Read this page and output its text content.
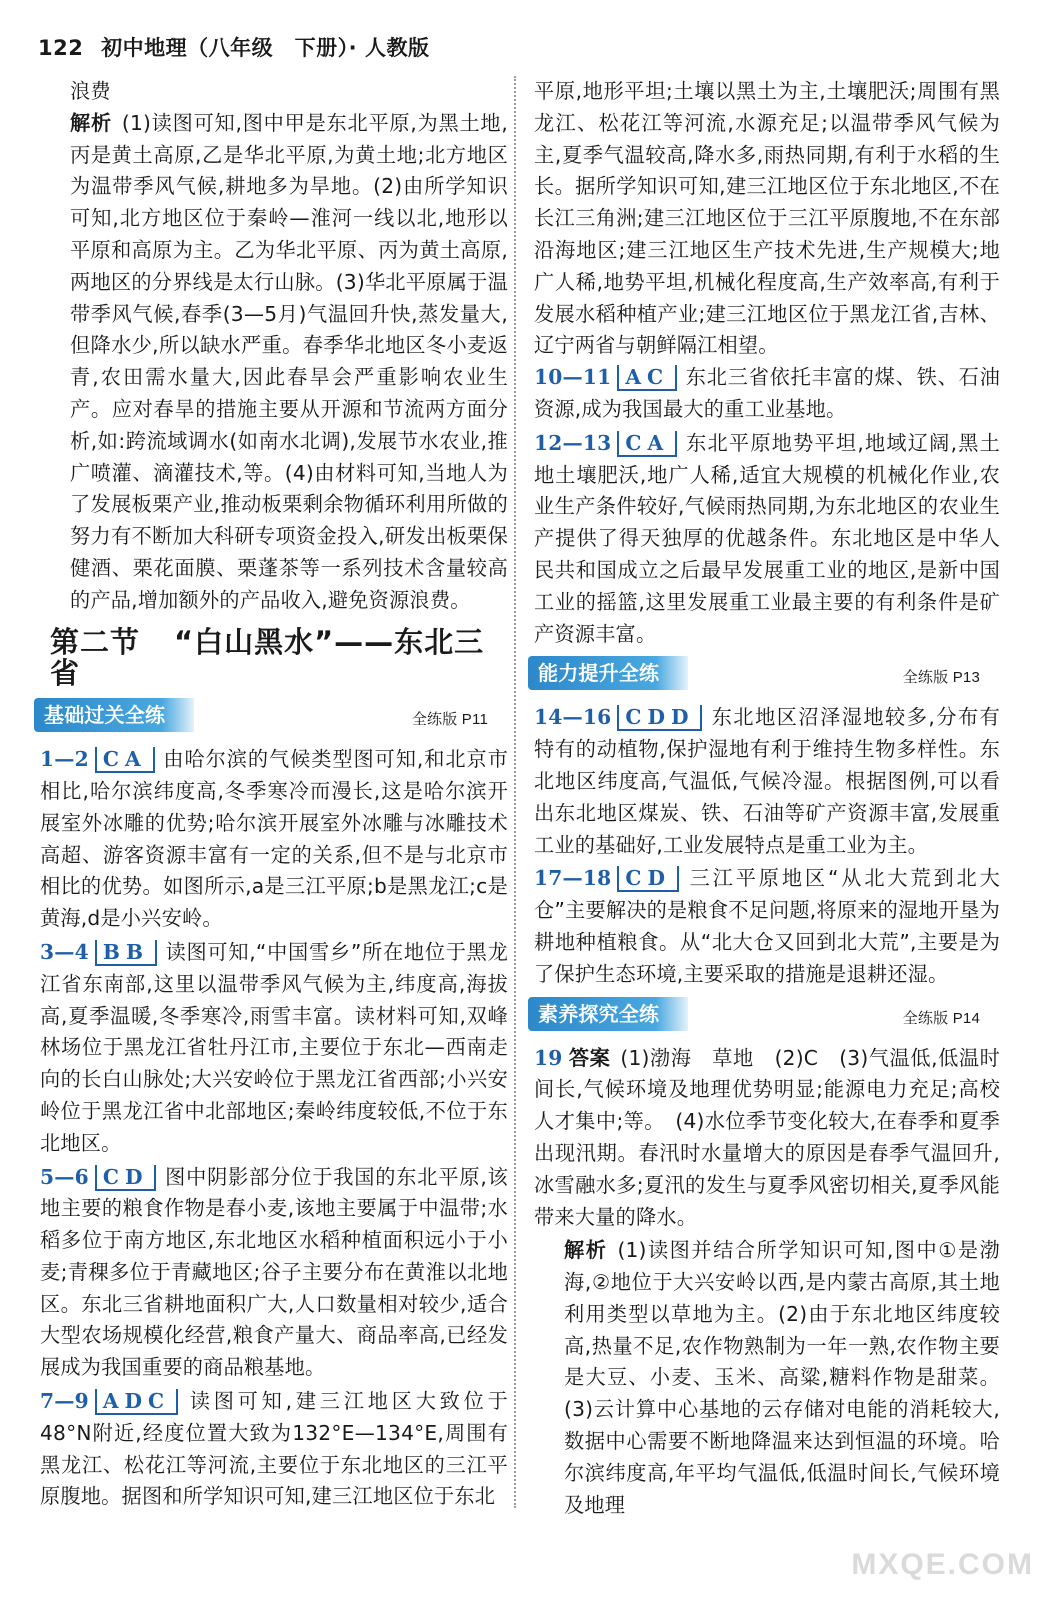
122 初中地理（八年级　下册）· 人教版

浪费

解析 (1)读图可知,图中甲是东北平原,为黑土地,丙是黄土高原,乙是华北平原,为黄土地;北方地区为温带季风气候,耕地多为旱地。(2)由所学知识可知,北方地区位于秦岭—淮河一线以北,地形以平原和高原为主。乙为华北平原、丙为黄土高原,两地区的分界线是太行山脉。(3)华北平原属于温带季风气候,春季(3—5月)气温回升快,蒸发量大,但降水少,所以缺水严重。春季华北地区冬小麦返青,农田需水量大,因此春旱会严重影响农业生产。应对春旱的措施主要从开源和节流两方面分析,如:跨流域调水(如南水北调),发展节水农业,推广喷灌、滴灌技术,等。(4)由材料可知,当地人为了发展板栗产业,推动板栗剩余物循环利用所做的努力有不断加大科研专项资金投入,研发出板栗保健酒、栗花面膜、栗蓬茶等一系列技术含量较高的产品,增加额外的产品收入,避免资源浪费。

第二节 “白山黑水”——东北三省
基础过关全练	全练版 P11

1—2 CA 由哈尔滨的气候类型图可知,和北京市相比,哈尔滨纬度高,冬季寒冷而漫长,这是哈尔滨开展室外冰雕的优势;哈尔滨开展室外冰雕与冰雕技术高超、游客资源丰富有一定的关系,但不是与北京市相比的优势。如图所示,a是三江平原;b是黑龙江;c是黄海,d是小兴安岭。

3—4 BB 读图可知,“中国雪乡”所在地位于黑龙江省东南部,这里以温带季风气候为主,纬度高,海拔高,夏季温暖,冬季寒冷,雨雪丰富。读材料可知,双峰林场位于黑龙江省牡丹江市,主要位于东北—西南走向的长白山脉处;大兴安岭位于黑龙江省西部;小兴安岭位于黑龙江省中北部地区;秦岭纬度较低,不位于东北地区。

5—6 CD 图中阴影部分位于我国的东北平原,该地主要的粮食作物是春小麦,该地主要属于中温带;水稻多位于南方地区,东北地区水稻种植面积远小于小麦;青稞多位于青藏地区;谷子主要分布在黄淮以北地区。东北三省耕地面积广大,人口数量相对较少,适合大型农场规模化经营,粮食产量大、商品率高,已经发展成为我国重要的商品粮基地。

7—9 ADC 读图可知,建三江地区大致位于48°N附近,经度位置大致为132°E—134°E,周围有黑龙江、松花江等河流,主要位于东北地区的三江平原腹地。据图和所学知识可知,建三江地区位于东北

平原,地形平坦;土壤以黑土为主,土壤肥沃;周围有黑龙江、松花江等河流,水源充足;以温带季风气候为主,夏季气温较高,降水多,雨热同期,有利于水稻的生长。据所学知识可知,建三江地区位于东北地区,不在长江三角洲;建三江地区位于三江平原腹地,不在东部沿海地区;建三江地区生产技术先进,生产规模大;地广人稀,地势平坦,机械化程度高,生产效率高,有利于发展水稻种植产业;建三江地区位于黑龙江省,吉林、辽宁两省与朝鲜隔江相望。

10—11 AC 东北三省依托丰富的煤、铁、石油资源,成为我国最大的重工业基地。

12—13 CA 东北平原地势平坦,地域辽阔,黑土地土壤肥沃,地广人稀,适宜大规模的机械化作业,农业生产条件较好,气候雨热同期,为东北地区的农业生产提供了得天独厚的优越条件。东北地区是中华人民共和国成立之后最早发展重工业的地区,是新中国工业的摇篮,这里发展重工业最主要的有利条件是矿产资源丰富。

能力提升全练	全练版 P13

14—16 CDD 东北地区沼泽湿地较多,分布有特有的动植物,保护湿地有利于维持生物多样性。东北地区纬度高,气温低,气候冷湿。根据图例,可以看出东北地区煤炭、铁、石油等矿产资源丰富,发展重工业的基础好,工业发展特点是重工业为主。

17—18 CD 三江平原地区“从北大荒到北大仓”主要解决的是粮食不足问题,将原来的湿地开垦为耕地种植粮食。从“北大仓又回到北大荒”,主要是为了保护生态环境,主要采取的措施是退耕还湿。

素养探究全练	全练版 P14

19 答案 (1)渤海　草地　(2)C　(3)气温低,低温时间长,气候环境及地理优势明显;能源电力充足;高校人才集中;等。　(4)水位季节变化较大,在春季和夏季出现汛期。春汛时水量增大的原因是春季气温回升,冰雪融水多;夏汛的发生与夏季风密切相关,夏季风能带来大量的降水。

解析 (1)读图并结合所学知识可知,图中①是渤海,②地位于大兴安岭以西,是内蒙古高原,其土地利用类型以草地为主。(2)由于东北地区纬度较高,热量不足,农作物熟制为一年一熟,农作物主要是大豆、小麦、玉米、高粱,糖料作物是甜菜。(3)云计算中心基地的云存储对电能的消耗较大,数据中心需要不断地降温来达到恒温的环境。哈尔滨纬度高,年平均气温低,低温时间长,气候环境及地理

MXQE.COM
